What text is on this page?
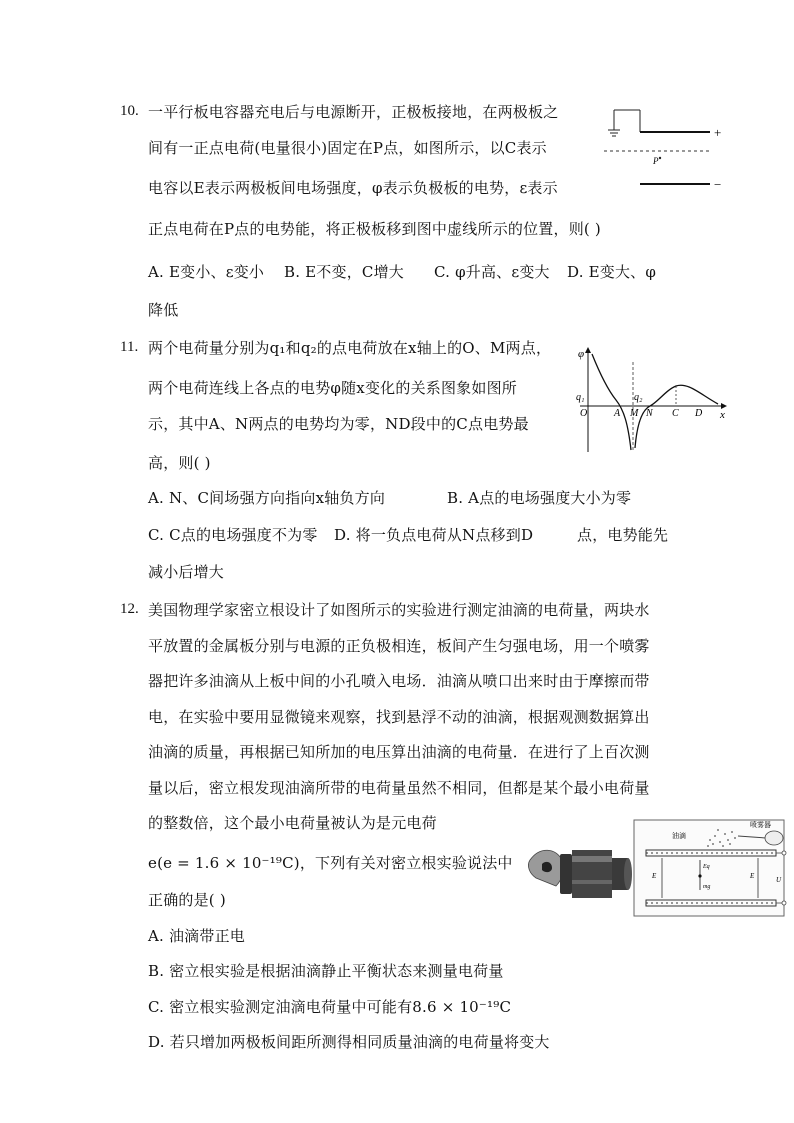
10. 一平行板电容器充电后与电源断开，正极板接地，在两极板之
间有一正点电荷(电量很小)固定在P点，如图所示，以C表示
电容以E表示两极板间电场强度，φ表示负极板的电势，ε表示
正点电荷在P点的电势能，将正极板移到图中虚线所示的位置，则( )
A. E变小、ε变小 B. E不变，C增大 C. φ升高、ε变大 D. E变大、φ
降低
P
+
−
11. 两个电荷量分别为q₁和q₂的点电荷放在x轴上的O、M两点，
两个电荷连线上各点的电势φ随x变化的关系图象如图所
示，其中A、N两点的电势均为零，ND段中的C点电势最
高，则( )
A. N、C间场强方向指向x轴负方向	B. A点的电场强度大小为零
C. C点的电场强度不为零 D. 将一负点电荷从N点移到D	点，电势能先
减小后增大
φ
x
q₁	q₂
O	A M N C D
12. 美国物理学家密立根设计了如图所示的实验进行测定油滴的电荷量，两块水
平放置的金属板分别与电源的正负极相连，板间产生匀强电场，用一个喷雾
器把许多油滴从上板中间的小孔喷入电场．油滴从喷口出来时由于摩擦而带
电，在实验中要用显微镜来观察，找到悬浮不动的油滴，根据观测数据算出
油滴的质量，再根据已知所加的电压算出油滴的电荷量．在进行了上百次测
量以后，密立根发现油滴所带的电荷量虽然不相同，但都是某个最小电荷量
的整数倍，这个最小电荷量被认为是元电荷
e(e = 1.6 × 10⁻¹⁹C)，下列有关对密立根实验说法中
正确的是( )
A. 油滴带正电
B. 密立根实验是根据油滴静止平衡状态来测量电荷量
C. 密立根实验测定油滴电荷量中可能有8.6 × 10⁻¹⁹C
D. 若只增加两极板间距所测得相同质量油滴的电荷量将变大
E	E
Eq
mg
油滴
喷雾器
U
